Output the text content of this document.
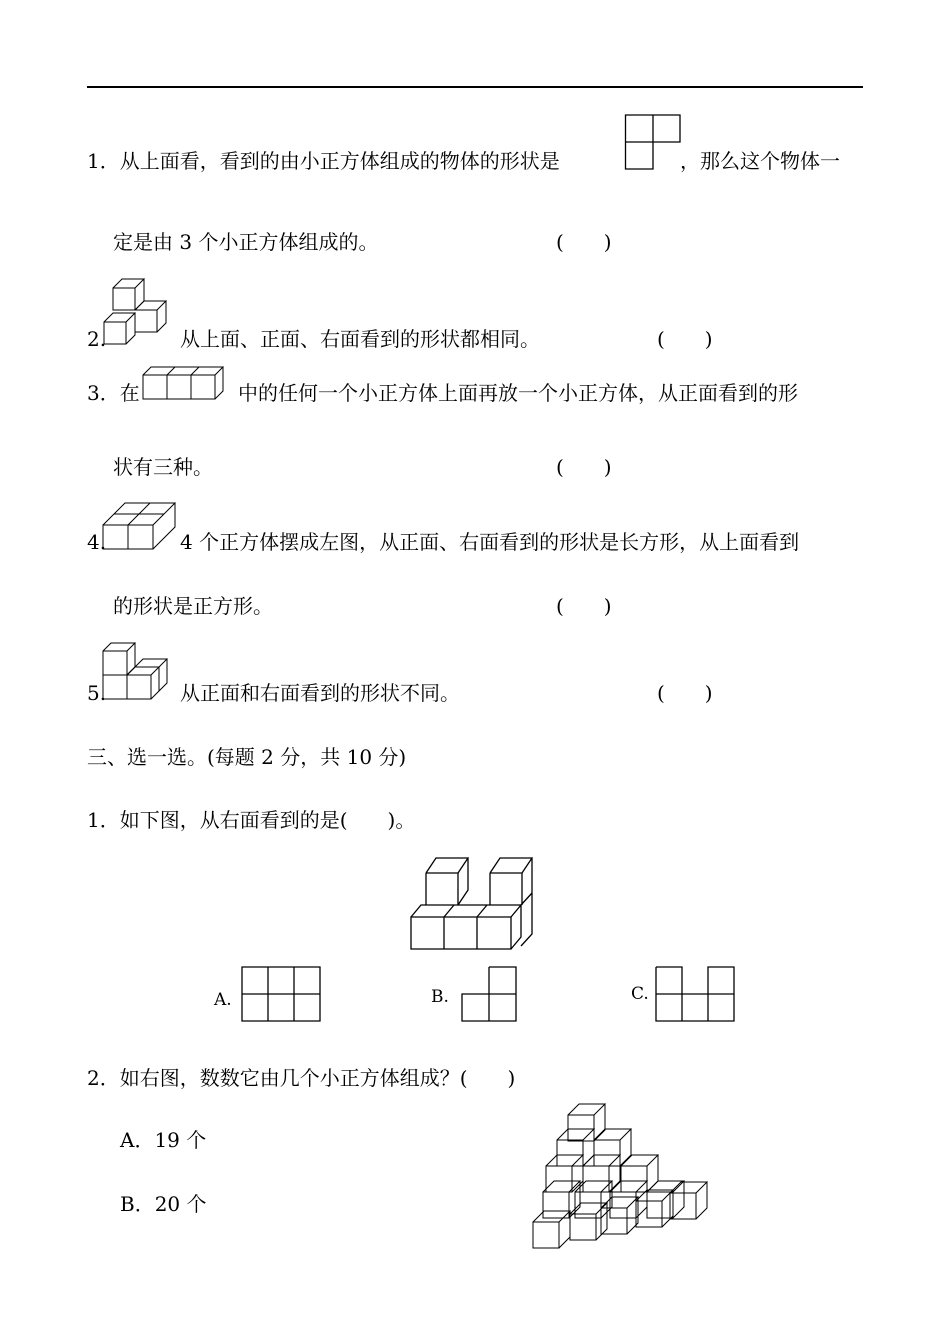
1．从上面看，看到的由小正方体组成的物体的形状是	，那么这个物体一
定是由 3 个小正方体组成的。	(　　)
2.	从上面、正面、右面看到的形状都相同。	(　　)
3．在	中的任何一个小正方体上面再放一个小正方体，从正面看到的形
状有三种。	(　　)
4.	4 个正方体摆成左图，从正面、右面看到的形状是长方形，从上面看到
的形状是正方形。	(　　)
5.	从正面和右面看到的形状不同。	(　　)
三、选一选。(每题 2 分，共 10 分)
1．如下图，从右面看到的是(　　)。
A.	B.	C.
2．如右图，数数它由几个小正方体组成？(　　)
A．19 个
B．20 个
